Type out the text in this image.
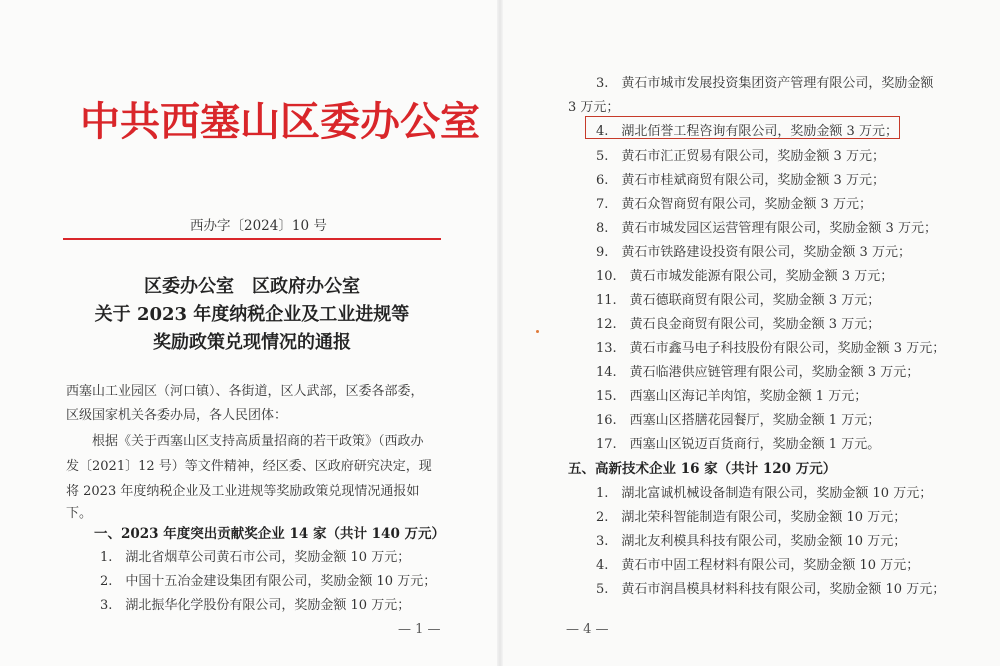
中共西塞山区委办公室
西办字〔2024〕10 号
区委办公室　区政府办公室
关于 2023 年度纳税企业及工业进规等
奖励政策兑现情况的通报
西塞山工业园区（河口镇）、各街道，区人武部，区委各部委，
区级国家机关各委办局，各人民团体：
根据《关于西塞山区支持高质量招商的若干政策》（西政办
发〔2021〕12 号）等文件精神，经区委、区政府研究决定，现
将 2023 年度纳税企业及工业进规等奖励政策兑现情况通报如
下。
一、2023 年度突出贡献奖企业 14 家（共计 140 万元）
1.　湖北省烟草公司黄石市公司，奖励金额 10 万元；
2.　中国十五冶金建设集团有限公司，奖励金额 10 万元；
3.　湖北振华化学股份有限公司，奖励金额 10 万元；
— 1 —
3.　黄石市城市发展投资集团资产管理有限公司，奖励金额
3 万元；
4.　湖北佰誉工程咨询有限公司，奖励金额 3 万元；
5.　黄石市汇正贸易有限公司，奖励金额 3 万元；
6.　黄石市桂斌商贸有限公司，奖励金额 3 万元；
7.　黄石众智商贸有限公司，奖励金额 3 万元；
8.　黄石市城发园区运营管理有限公司，奖励金额 3 万元；
9.　黄石市铁路建设投资有限公司，奖励金额 3 万元；
10.　黄石市城发能源有限公司，奖励金额 3 万元；
11.　黄石德联商贸有限公司，奖励金额 3 万元；
12.　黄石良金商贸有限公司，奖励金额 3 万元；
13.　黄石市鑫马电子科技股份有限公司，奖励金额 3 万元；
14.　黄石临港供应链管理有限公司，奖励金额 3 万元；
15.　西塞山区海记羊肉馆，奖励金额 1 万元；
16.　西塞山区搭膳花园餐厅，奖励金额 1 万元；
17.　西塞山区锐迈百货商行，奖励金额 1 万元。
五、高新技术企业 16 家（共计 120 万元）
1.　湖北富诚机械设备制造有限公司，奖励金额 10 万元；
2.　湖北荣科智能制造有限公司，奖励金额 10 万元；
3.　湖北友利模具科技有限公司，奖励金额 10 万元；
4.　黄石市中固工程材料有限公司，奖励金额 10 万元；
5.　黄石市润昌模具材料科技有限公司，奖励金额 10 万元；
— 4 —
